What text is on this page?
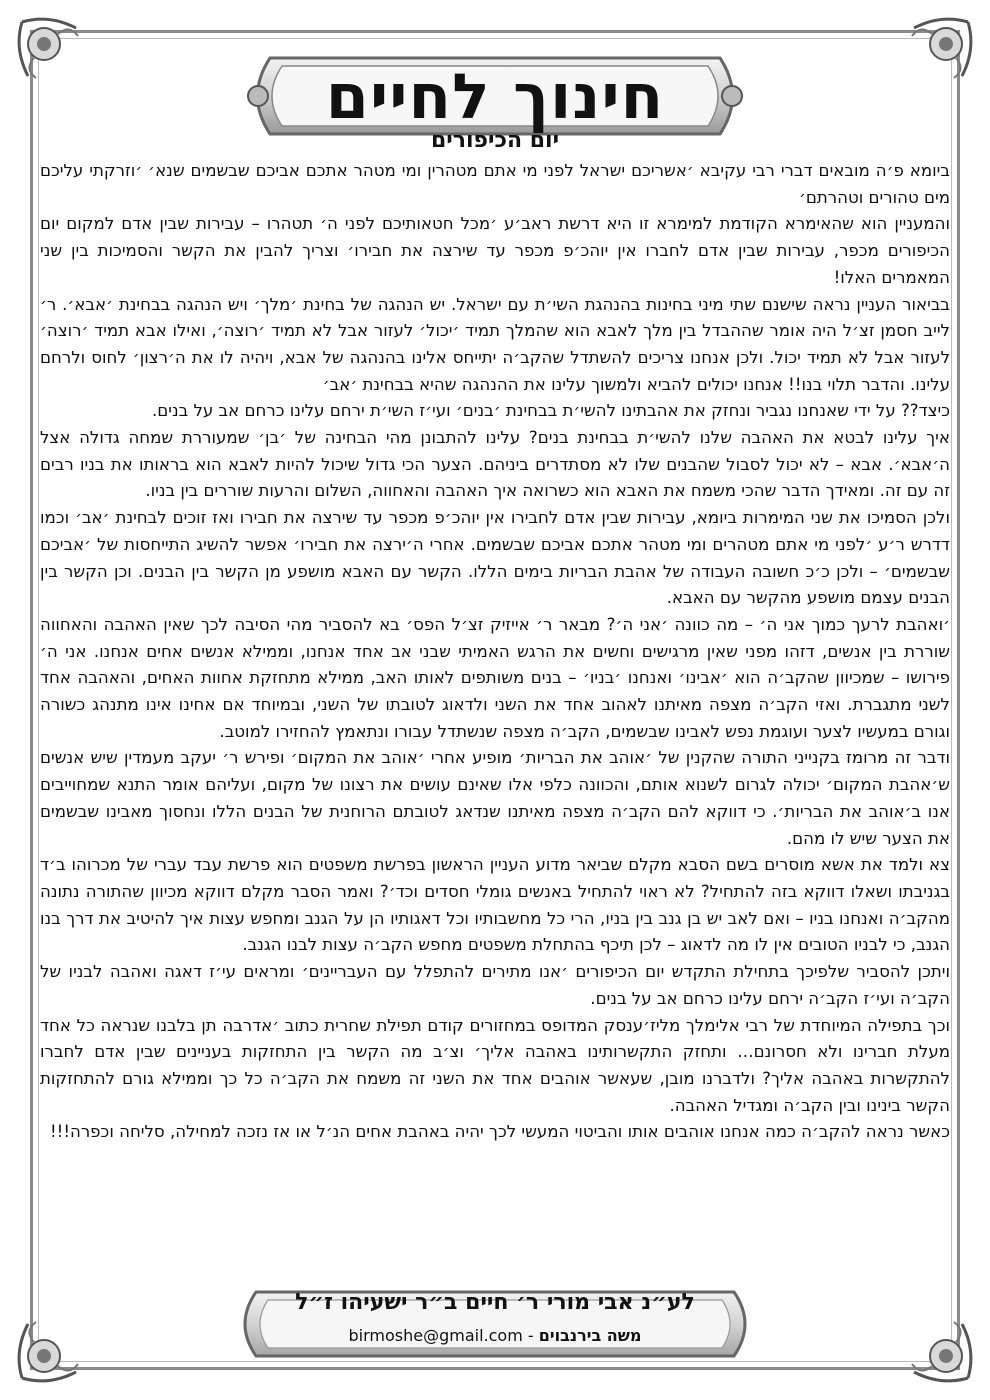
חינוך לחיים
יום הכיפורים

ביומא פ׳ה מובאים דברי רבי עקיבא ׳אשריכם ישראל לפני מי אתם מטהרין ומי מטהר אתכם אביכם שבשמים שנא׳ ׳וזרקתי עליכם מים טהורים וטהרתם׳

והמעניין הוא שהאימרא הקודמת למימרא זו היא דרשת ראב׳ע ׳מכל חטאותיכם לפני ה׳ תטהרו – עבירות שבין אדם למקום יום הכיפורים מכפר, עבירות שבין אדם לחברו אין יוהכ׳פ מכפר עד שירצה את חבירו׳ וצריך להבין את הקשר והסמיכות בין שני המאמרים האלו!

בביאור העניין נראה שישנם שתי מיני בחינות בהנהגת השי׳ת עם ישראל. יש הנהגה של בחינת ׳מלך׳ ויש הנהגה בבחינת ׳אבא׳. ר׳ לייב חסמן זצ׳ל היה אומר שההבדל בין מלך לאבא הוא שהמלך תמיד ׳יכול׳ לעזור אבל לא תמיד ׳רוצה׳, ואילו אבא תמיד ׳רוצה׳ לעזור אבל לא תמיד יכול. ולכן אנחנו צריכים להשתדל שהקב׳ה יתייחס אלינו בהנהגה של אבא, ויהיה לו את ה׳רצון׳ לחוס ולרחם עלינו. והדבר תלוי בנו!! אנחנו יכולים להביא ולמשוך עלינו את ההנהגה שהיא בבחינת ׳אב׳

כיצד?? על ידי שאנחנו נגביר ונחזק את אהבתינו להשי׳ת בבחינת ׳בנים׳ ועי׳ז השי׳ת ירחם עלינו כרחם אב על בנים.

איך עלינו לבטא את האהבה שלנו להשי׳ת בבחינת בנים? עלינו להתבונן מהי הבחינה של ׳בן׳ שמעוררת שמחה גדולה אצל ה׳אבא׳. אבא – לא יכול לסבול שהבנים שלו לא מסתדרים ביניהם. הצער הכי גדול שיכול להיות לאבא הוא בראותו את בניו רבים זה עם זה. ומאידך הדבר שהכי משמח את האבא הוא כשרואה איך האהבה והאחווה, השלום והרעות שוררים בין בניו.

ולכן הסמיכו את שני המימרות ביומא, עבירות שבין אדם לחבירו אין יוהכ׳פ מכפר עד שירצה את חבירו ואז זוכים לבחינת ׳אב׳ וכמו דדרש ר׳ע ׳לפני מי אתם מטהרים ומי מטהר אתכם אביכם שבשמים. אחרי ה׳ירצה את חבירו׳ אפשר להשיג התייחסות של ׳אביכם שבשמים׳ – ולכן כ׳כ חשובה העבודה של אהבת הבריות בימים הללו. הקשר עם האבא מושפע מן הקשר בין הבנים. וכן הקשר בין הבנים עצמם מושפע מהקשר עם האבא.

׳ואהבת לרעך כמוך אני ה׳ – מה כוונה ׳אני ה׳? מבאר ר׳ אייזיק זצ׳ל הפס׳ בא להסביר מהי הסיבה לכך שאין האהבה והאחווה שוררת בין אנשים, דזהו מפני שאין מרגישים וחשים את הרגש האמיתי שבני אב אחד אנחנו, וממילא אנשים אחים אנחנו. אני ה׳ פירושו – שמכיוון שהקב׳ה הוא ׳אבינו׳ ואנחנו ׳בניו׳ – בנים משותפים לאותו האב, ממילא מתחזקת אחוות האחים, והאהבה אחד לשני מתגברת. ואזי הקב׳ה מצפה מאיתנו לאהוב אחד את השני ולדאוג לטובתו של השני, ובמיוחד אם אחינו אינו מתנהג כשורה וגורם במעשיו לצער ועוגמת נפש לאבינו שבשמים, הקב׳ה מצפה שנשתדל עבורו ונתאמץ להחזירו למוטב.

ודבר זה מרומז בקנייני התורה שהקנין של ׳אוהב את הבריות׳ מופיע אחרי ׳אוהב את המקום׳ ופירש ר׳ יעקב מעמדין שיש אנשים ש׳אהבת המקום׳ יכולה לגרום לשנוא אותם, והכוונה כלפי אלו שאינם עושים את רצונו של מקום, ועליהם אומר התנא שמחוייבים אנו ב׳אוהב את הבריות׳. כי דווקא להם הקב׳ה מצפה מאיתנו שנדאג לטובתם הרוחנית של הבנים הללו ונחסוך מאבינו שבשמים את הצער שיש לו מהם.

צא ולמד את אשא מוסרים בשם הסבא מקלם שביאר מדוע העניין הראשון בפרשת משפטים הוא פרשת עבד עברי של מכרוהו ב׳ד בגניבתו ושאלו דווקא בזה להתחיל? לא ראוי להתחיל באנשים גומלי חסדים וכד׳? ואמר הסבר מקלם דווקא מכיוון שהתורה נתונה מהקב׳ה ואנחנו בניו – ואם לאב יש בן גנב בין בניו, הרי כל מחשבותיו וכל דאגותיו הן על הגנב ומחפש עצות איך להיטיב את דרך בנו הגנב, כי לבניו הטובים אין לו מה לדאוג – לכן תיכף בהתחלת משפטים מחפש הקב׳ה עצות לבנו הגנב.

ויתכן להסביר שלפיכך בתחילת התקדש יום הכיפורים ׳אנו מתירים להתפלל עם העבריינים׳ ומראים עי׳ז דאגה ואהבה לבניו של הקב׳ה ועי׳ז הקב׳ה ירחם עלינו כרחם אב על בנים.

וכך בתפילה המיוחדת של רבי אלימלך מליז׳ענסק המדופס במחזורים קודם תפילת שחרית כתוב ׳אדרבה תן בלבנו שנראה כל אחד מעלת חברינו ולא חסרונם… ותחזק התקשרותינו באהבה אליך׳ וצ׳ב מה הקשר בין התחזקות בעניינים שבין אדם לחברו להתקשרות באהבה אליך? ולדברנו מובן, שעאשר אוהבים אחד את השני זה משמח את הקב׳ה כל כך וממילא גורם להתחזקות הקשר בינינו ובין הקב׳ה ומגדיל האהבה.

כאשר נראה להקב׳ה כמה אנחנו אוהבים אותו והביטוי המעשי לכך יהיה באהבת אחים הנ׳ל או אז נזכה למחילה, סליחה וכפרה!!!

לע״נ אבי מורי ר׳ חיים ב״ר ישעיהו ז״ל
birmoshe@gmail.com - משה בירנבוים
